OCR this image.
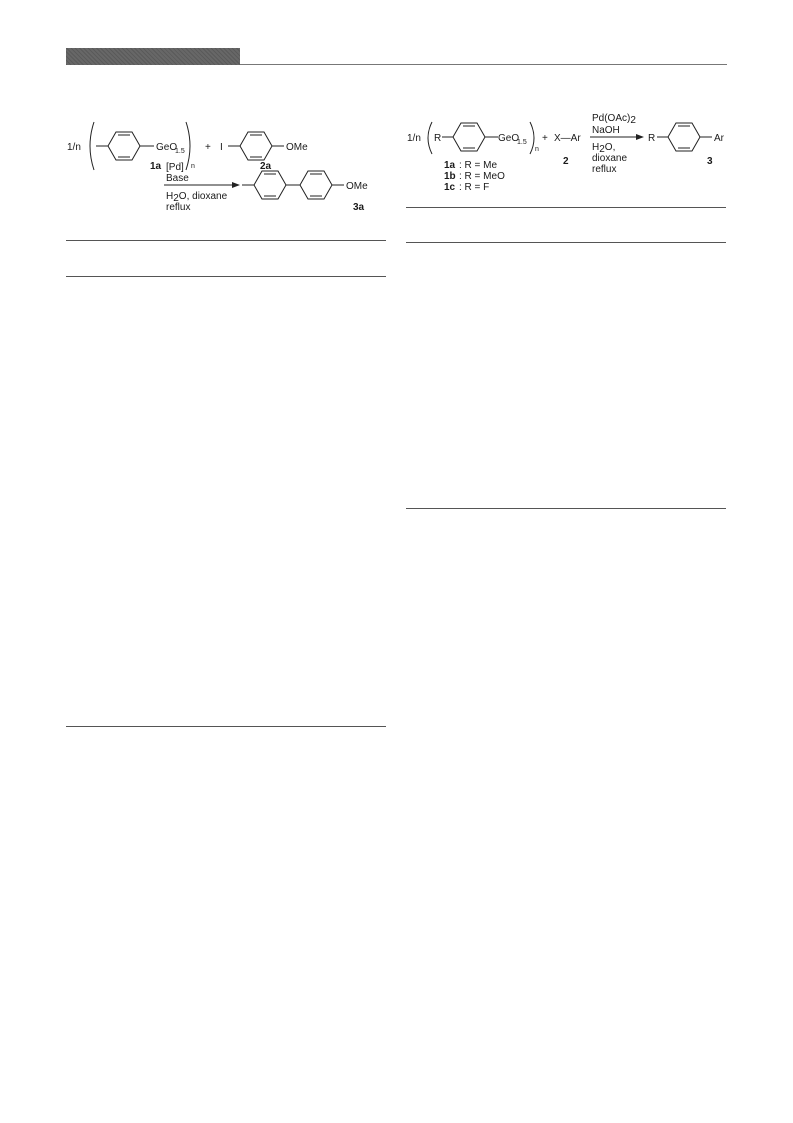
1/n	GeO
1.5
n
+ I	OMe
1a	2a
[Pd]
Base
H2O, dioxane
reflux
OMe
3a
1/n R	GeO
1.5
n
+ X—Ar
Pd(OAc)2
NaOH
H2O,
dioxane
reflux
R	Ar
1a : R = Me
1b : R = MeO
1c : R = F
2	3
